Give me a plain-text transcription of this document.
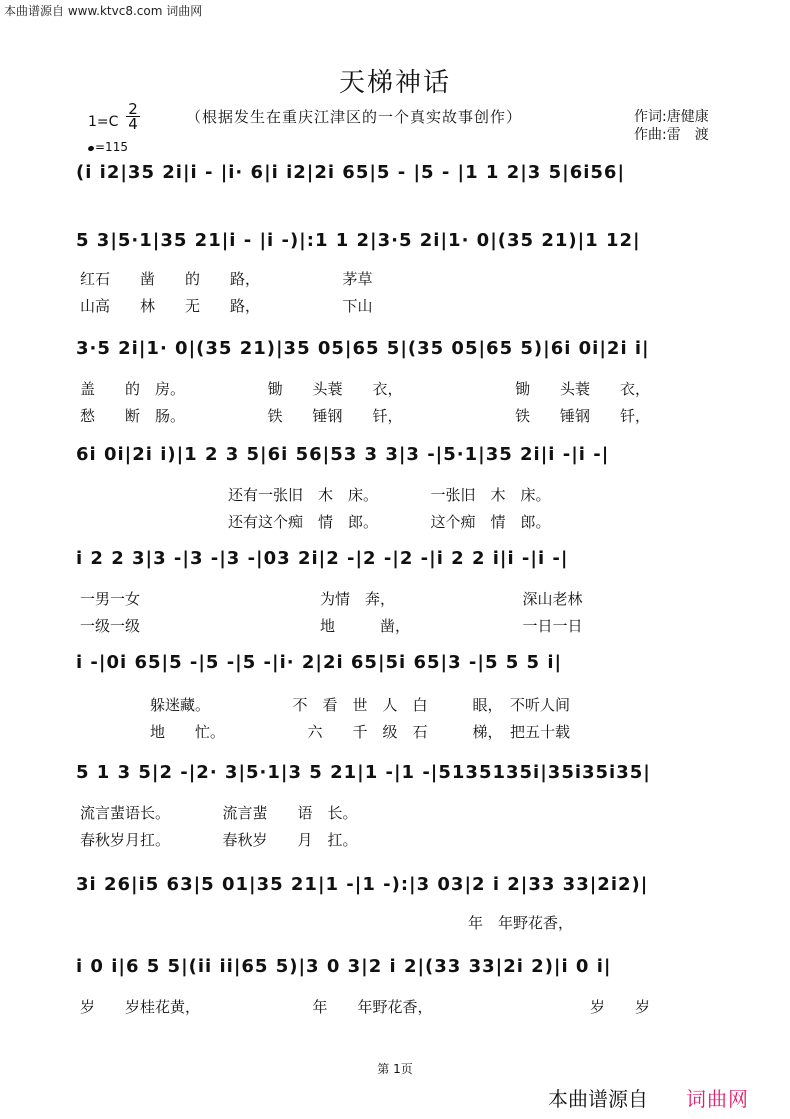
本曲谱源自 www.ktvc8.com 词曲网
天梯神话
（根据发生在重庆江津区的一个真实故事创作）	作词:唐健康
作曲:雷　渡
1=C
2
4
=115
(i i2|35 2i|i - |i· 6|i i2|2i 65|5 - |5 - |1 1 2|3 5|6i56|
5 3|5·1|35 21|i - |i -)|:1 1 2|3·5 2i|1· 0|(35 21)|1 12|
红石　　凿　　的　　路，　　　　　　茅草
山高　　林　　无　　路，　　　　　　下山
3·5 2i|1· 0|(35 21)|35 05|65 5|(35 05|65 5)|6i 0i|2i i|
盖　　的　房。　　　　　　锄　　头蓑　　衣，　　　　　　　　锄　　头蓑　　衣，
愁　　断　肠。　　　　　　铁　　锤钢　　钎，　　　　　　　　铁　　锤钢　　钎，
6i 0i|2i i)|1 2 3 5|6i 56|53 3 3|3 -|5·1|35 2i|i -|i -|
还有一张旧　木　床。　　　　一张旧　木　床。
还有这个痴　情　郎。　　　　这个痴　情　郎。
i 2 2 3|3 -|3 -|3 -|03 2i|2 -|2 -|2 -|i 2 2 i|i -|i -|
一男一女　　　　　　　　　　　　为情　奔，　　　　　　　　　深山老林
一级一级　　　　　　　　　　　　地　　　凿，　　　　　　　　一日一日
i -|0i 65|5 -|5 -|5 -|i· 2|2i 65|5i 65|3 -|5 5 5 i|
躲迷藏。　　　　　　不　看　世　人　白　　　眼，　不听人间
地　　忙。　　　　　　六　　千　级　石　　　梯，　把五十载
5 1 3 5|2 -|2· 3|5·1|3 5 21|1 -|1 -|5135135i|35i35i35|
流言蜚语长。　　　　流言蜚　　语　长。
春秋岁月扛。　　　　春秋岁　　月　扛。
3i 26|i5 63|5 01|35 21|1 -|1 -):|3 03|2 i 2|33 33|2i2)|
年　年野花香，
i 0 i|6 5 5|(ii ii|65 5)|3 0 3|2 i 2|(33 33|2i 2)|i 0 i|
岁　　岁桂花黄，　　　　　　　　年　　年野花香，　　　　　　　　　　　岁　　岁
第 1页
本曲谱源自 词曲网
